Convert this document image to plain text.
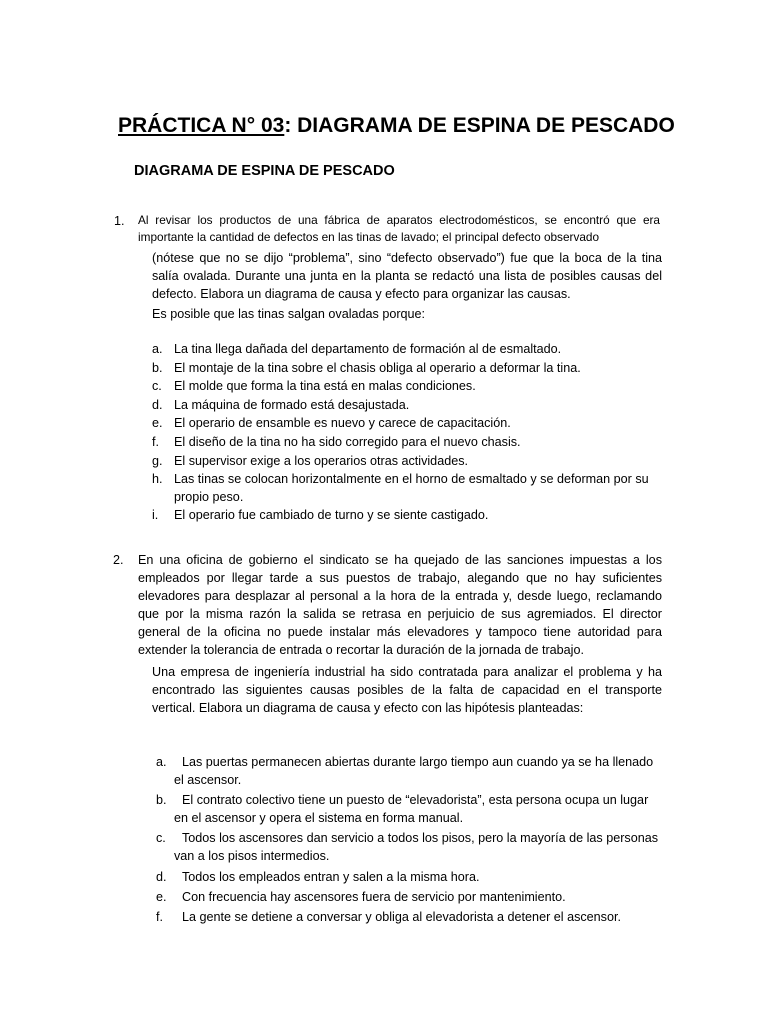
PRÁCTICA N° 03: DIAGRAMA DE ESPINA DE PESCADO
DIAGRAMA DE ESPINA DE PESCADO
1. Al revisar los productos de una fábrica de aparatos electrodomésticos, se encontró que era importante la cantidad de defectos en las tinas de lavado; el principal defecto observado
(nótese que no se dijo “problema”, sino “defecto observado”) fue que la boca de la tina salía ovalada. Durante una junta en la planta se redactó una lista de posibles causas del defecto. Elabora un diagrama de causa y efecto para organizar las causas.
Es posible que las tinas salgan ovaladas porque:
a. La tina llega dañada del departamento de formación al de esmaltado.
b. El montaje de la tina sobre el chasis obliga al operario a deformar la tina.
c. El molde que forma la tina está en malas condiciones.
d. La máquina de formado está desajustada.
e. El operario de ensamble es nuevo y carece de capacitación.
f. El diseño de la tina no ha sido corregido para el nuevo chasis.
g. El supervisor exige a los operarios otras actividades.
h. Las tinas se colocan horizontalmente en el horno de esmaltado y se deforman por su propio peso.
i. El operario fue cambiado de turno y se siente castigado.
2. En una oficina de gobierno el sindicato se ha quejado de las sanciones impuestas a los empleados por llegar tarde a sus puestos de trabajo, alegando que no hay suficientes elevadores para desplazar al personal a la hora de la entrada y, desde luego, reclamando que por la misma razón la salida se retrasa en perjuicio de sus agremiados. El director general de la oficina no puede instalar más elevadores y tampoco tiene autoridad para extender la tolerancia de entrada o recortar la duración de la jornada de trabajo.
Una empresa de ingeniería industrial ha sido contratada para analizar el problema y ha encontrado las siguientes causas posibles de la falta de capacidad en el transporte vertical. Elabora un diagrama de causa y efecto con las hipótesis planteadas:
a.	Las puertas permanecen abiertas durante largo tiempo aun cuando ya se ha llenado el ascensor.
b.	El contrato colectivo tiene un puesto de “elevadorista”, esta persona ocupa un lugar en el ascensor y opera el sistema en forma manual.
c.	Todos los ascensores dan servicio a todos los pisos, pero la mayoría de las personas van a los pisos intermedios.
d.	Todos los empleados entran y salen a la misma hora.
e.	Con frecuencia hay ascensores fuera de servicio por mantenimiento.
f.	La gente se detiene a conversar y obliga al elevadorista a detener el ascensor.
